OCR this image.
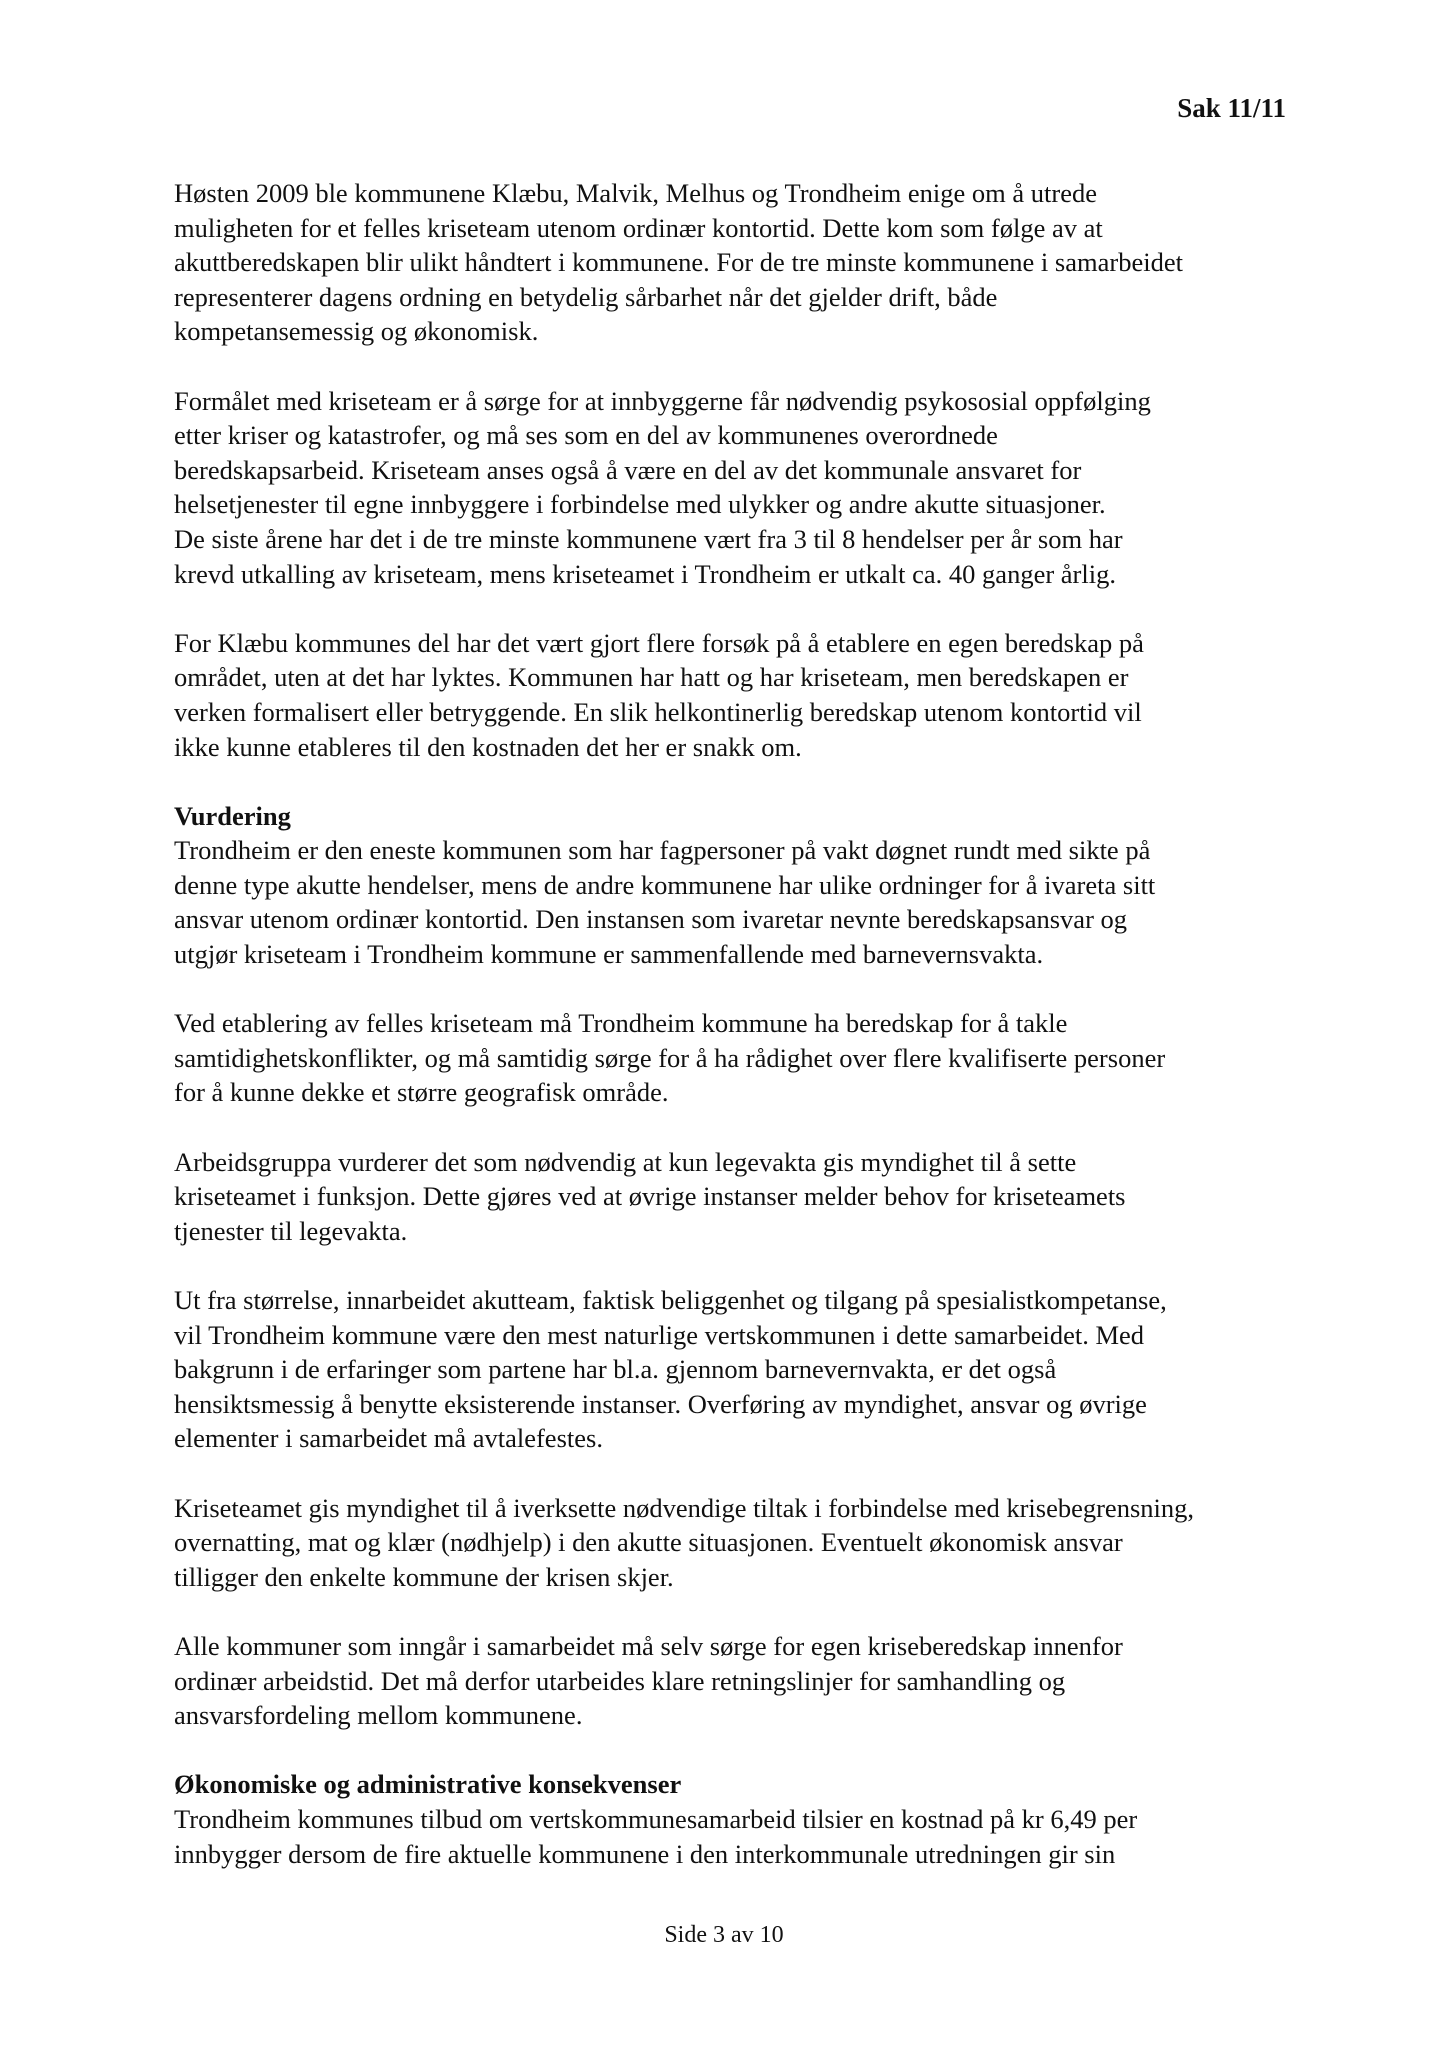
Sak 11/11

Høsten 2009 ble kommunene Klæbu, Malvik, Melhus og Trondheim enige om å utrede
muligheten for et felles kriseteam utenom ordinær kontortid. Dette kom som følge av at
akuttberedskapen blir ulikt håndtert i kommunene. For de tre minste kommunene i samarbeidet
representerer dagens ordning en betydelig sårbarhet når det gjelder drift, både
kompetansemessig og økonomisk.

Formålet med kriseteam er å sørge for at innbyggerne får nødvendig psykososial oppfølging
etter kriser og katastrofer, og må ses som en del av kommunenes overordnede
beredskapsarbeid. Kriseteam anses også å være en del av det kommunale ansvaret for
helsetjenester til egne innbyggere i forbindelse med ulykker og andre akutte situasjoner.
De siste årene har det i de tre minste kommunene vært fra 3 til 8 hendelser per år som har
krevd utkalling av kriseteam, mens kriseteamet i Trondheim er utkalt ca. 40 ganger årlig.

For Klæbu kommunes del har det vært gjort flere forsøk på å etablere en egen beredskap på
området, uten at det har lyktes. Kommunen har hatt og har kriseteam, men beredskapen er
verken formalisert eller betryggende. En slik helkontinerlig beredskap utenom kontortid vil
ikke kunne etableres til den kostnaden det her er snakk om.

Vurdering

Trondheim er den eneste kommunen som har fagpersoner på vakt døgnet rundt med sikte på
denne type akutte hendelser, mens de andre kommunene har ulike ordninger for å ivareta sitt
ansvar utenom ordinær kontortid. Den instansen som ivaretar nevnte beredskapsansvar og
utgjør kriseteam i Trondheim kommune er sammenfallende med barnevernsvakta.

Ved etablering av felles kriseteam må Trondheim kommune ha beredskap for å takle
samtidighetskonflikter, og må samtidig sørge for å ha rådighet over flere kvalifiserte personer
for å kunne dekke et større geografisk område.

Arbeidsgruppa vurderer det som nødvendig at kun legevakta gis myndighet til å sette
kriseteamet i funksjon. Dette gjøres ved at øvrige instanser melder behov for kriseteamets
tjenester til legevakta.

Ut fra størrelse, innarbeidet akutteam, faktisk beliggenhet og tilgang på spesialistkompetanse,
vil Trondheim kommune være den mest naturlige vertskommunen i dette samarbeidet. Med
bakgrunn i de erfaringer som partene har bl.a. gjennom barnevernvakta, er det også
hensiktsmessig å benytte eksisterende instanser. Overføring av myndighet, ansvar og øvrige
elementer i samarbeidet må avtalefestes.

Kriseteamet gis myndighet til å iverksette nødvendige tiltak i forbindelse med krisebegrensning,
overnatting, mat og klær (nødhjelp) i den akutte situasjonen. Eventuelt økonomisk ansvar
tilligger den enkelte kommune der krisen skjer.

Alle kommuner som inngår i samarbeidet må selv sørge for egen kriseberedskap innenfor
ordinær arbeidstid. Det må derfor utarbeides klare retningslinjer for samhandling og
ansvarsfordeling mellom kommunene.

Økonomiske og administrative konsekvenser

Trondheim kommunes tilbud om vertskommunesamarbeid tilsier en kostnad på kr 6,49 per
innbygger dersom de fire aktuelle kommunene i den interkommunale utredningen gir sin

Side 3 av 10
